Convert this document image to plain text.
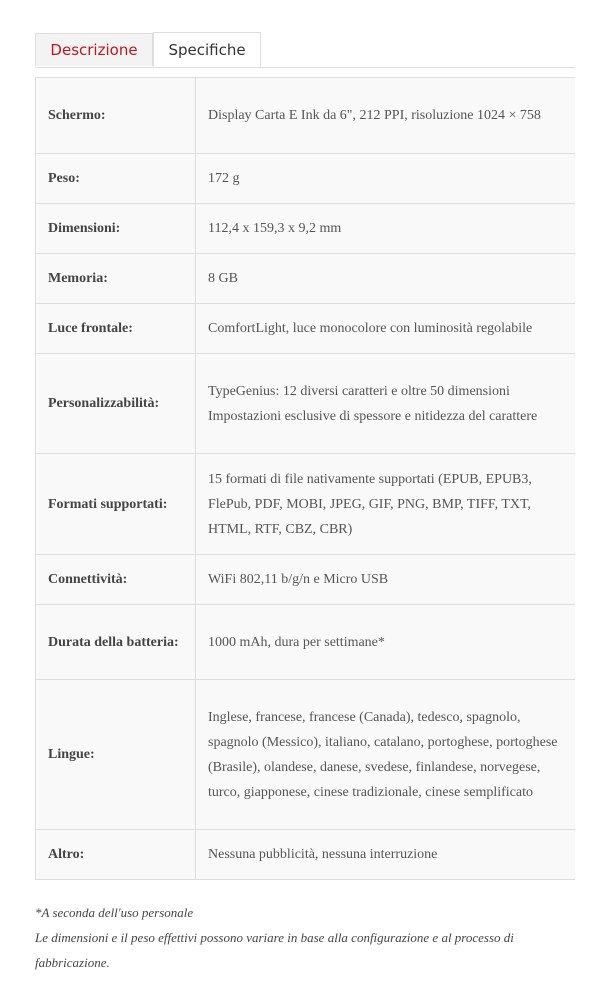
Descrizione	Specifiche
Schermo:	Display Carta E Ink da 6", 212 PPI, risoluzione 1024 × 758
Peso:	172 g
Dimensioni:	112,4 x 159,3 x 9,2 mm
Memoria:	8 GB
Luce frontale:	ComfortLight, luce monocolore con luminosità regolabile
Personalizzabilità:	TypeGenius: 12 diversi caratteri e oltre 50 dimensioni Impostazioni esclusive di spessore e nitidezza del carattere
Formati supportati:	15 formati di file nativamente supportati (EPUB, EPUB3, FlePub, PDF, MOBI, JPEG, GIF, PNG, BMP, TIFF, TXT, HTML, RTF, CBZ, CBR)
Connettività:	WiFi 802,11 b/g/n e Micro USB
Durata della batteria:	1000 mAh, dura per settimane*
Lingue:	Inglese, francese, francese (Canada), tedesco, spagnolo, spagnolo (Messico), italiano, catalano, portoghese, portoghese (Brasile), olandese, danese, svedese, finlandese, norvegese, turco, giapponese, cinese tradizionale, cinese semplificato
Altro:	Nessuna pubblicità, nessuna interruzione

*A seconda dell'uso personale

Le dimensioni e il peso effettivi possono variare in base alla configurazione e al processo di fabbricazione.
